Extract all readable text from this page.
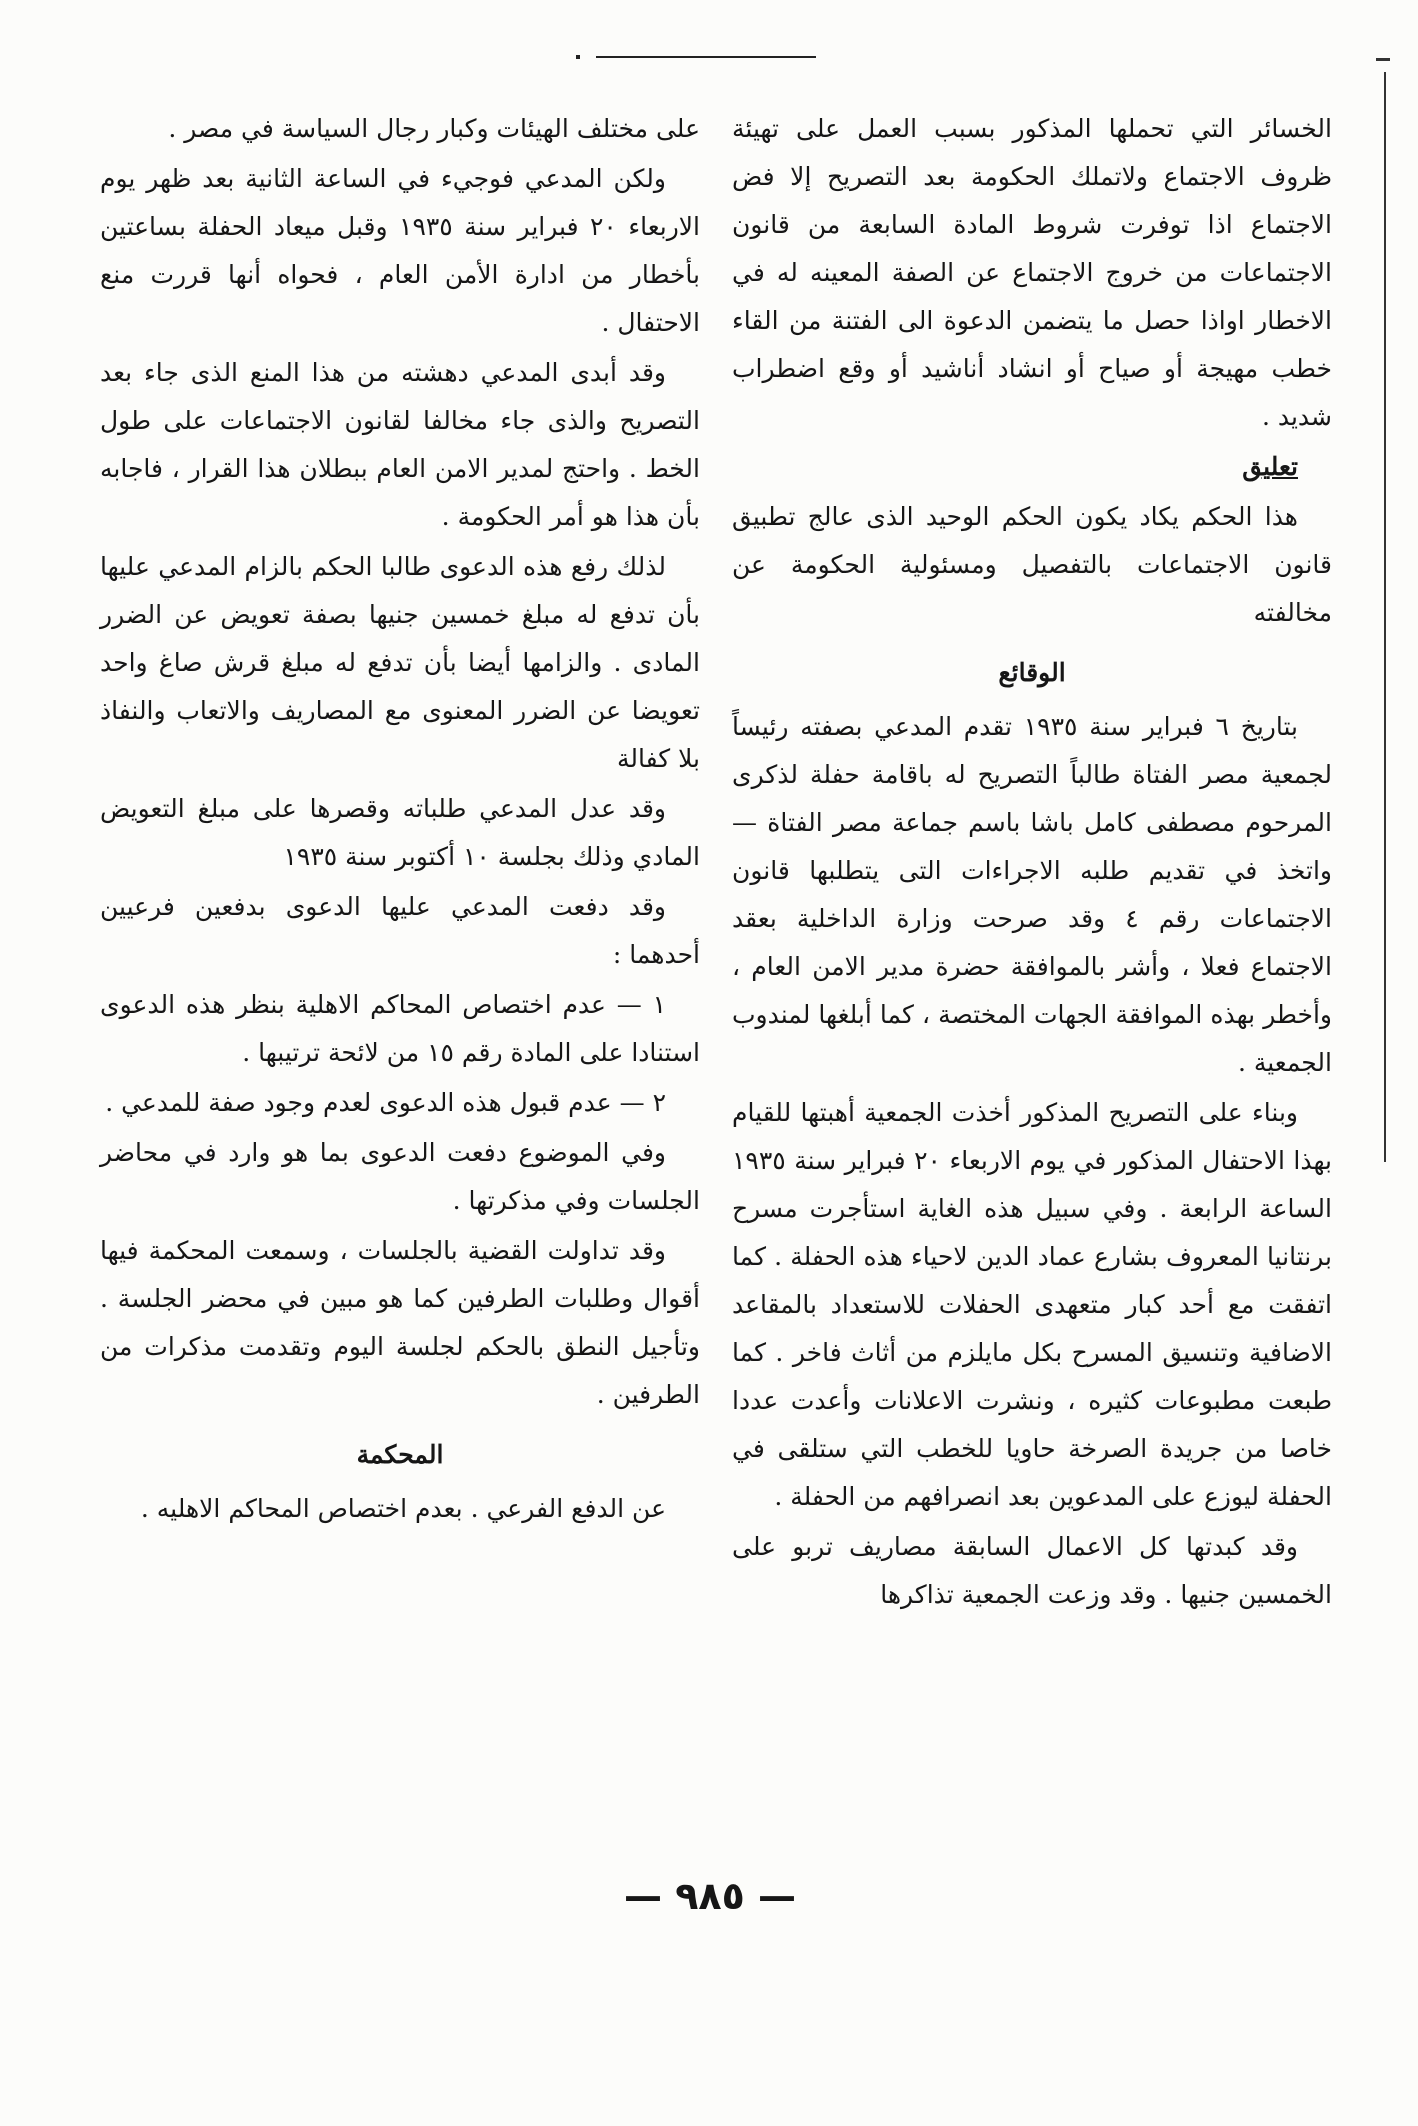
الخسائر التي تحملها المذكور بسبب العمل على تهيئة ظروف الاجتماع ولاتملك الحكومة بعد التصريح إلا فض الاجتماع اذا توفرت شروط المادة السابعة من قانون الاجتماعات من خروج الاجتماع عن الصفة المعينه له في الاخطار اواذا حصل ما يتضمن الدعوة الى الفتنة من القاء خطب مهيجة أو صياح أو انشاد أناشيد أو وقع اضطراب شديد .

تعليق

هذا الحكم يكاد يكون الحكم الوحيد الذى عالج تطبيق قانون الاجتماعات بالتفصيل ومسئولية الحكومة عن مخالفته

الوقائع

بتاريخ ٦ فبراير سنة ١٩٣٥ تقدم المدعي بصفته رئيساً لجمعية مصر الفتاة طالباً التصريح له باقامة حفلة لذكرى المرحوم مصطفى كامل باشا باسم جماعة مصر الفتاة — واتخذ في تقديم طلبه الاجراءات التى يتطلبها قانون الاجتماعات رقم ٤ وقد صرحت وزارة الداخلية بعقد الاجتماع فعلا ، وأشر بالموافقة حضرة مدير الامن العام ، وأخطر بهذه الموافقة الجهات المختصة ، كما أبلغها لمندوب الجمعية .

وبناء على التصريح المذكور أخذت الجمعية أهبتها للقيام بهذا الاحتفال المذكور في يوم الاربعاء ٢٠ فبراير سنة ١٩٣٥ الساعة الرابعة . وفي سبيل هذه الغاية استأجرت مسرح برنتانيا المعروف بشارع عماد الدين لاحياء هذه الحفلة . كما اتفقت مع أحد كبار متعهدى الحفلات للاستعداد بالمقاعد الاضافية وتنسيق المسرح بكل مايلزم من أثاث فاخر . كما طبعت مطبوعات كثيره ، ونشرت الاعلانات وأعدت عددا خاصا من جريدة الصرخة حاويا للخطب التي ستلقى في الحفلة ليوزع على المدعوين بعد انصرافهم من الحفلة .

وقد كبدتها كل الاعمال السابقة مصاريف تربو على الخمسين جنيها . وقد وزعت الجمعية تذاكرها

على مختلف الهيئات وكبار رجال السياسة في مصر .

ولكن المدعي فوجيء في الساعة الثانية بعد ظهر يوم الاربعاء ٢٠ فبراير سنة ١٩٣٥ وقبل ميعاد الحفلة بساعتين بأخطار من ادارة الأمن العام ، فحواه أنها قررت منع الاحتفال .

وقد أبدى المدعي دهشته من هذا المنع الذى جاء بعد التصريح والذى جاء مخالفا لقانون الاجتماعات على طول الخط . واحتج لمدير الامن العام ببطلان هذا القرار ، فاجابه بأن هذا هو أمر الحكومة .

لذلك رفع هذه الدعوى طالبا الحكم بالزام المدعي عليها بأن تدفع له مبلغ خمسين جنيها بصفة تعويض عن الضرر المادى . والزامها أيضا بأن تدفع له مبلغ قرش صاغ واحد تعويضا عن الضرر المعنوى مع المصاريف والاتعاب والنفاذ بلا كفالة

وقد عدل المدعي طلباته وقصرها على مبلغ التعويض المادي وذلك بجلسة ١٠ أكتوبر سنة ١٩٣٥

وقد دفعت المدعي عليها الدعوى بدفعين فرعيين أحدهما :

١ — عدم اختصاص المحاكم الاهلية بنظر هذه الدعوى استنادا على المادة رقم ١٥ من لائحة ترتيبها .

٢ — عدم قبول هذه الدعوى لعدم وجود صفة للمدعي .

وفي الموضوع دفعت الدعوى بما هو وارد في محاضر الجلسات وفي مذكرتها .

وقد تداولت القضية بالجلسات ، وسمعت المحكمة فيها أقوال وطلبات الطرفين كما هو مبين في محضر الجلسة . وتأجيل النطق بالحكم لجلسة اليوم وتقدمت مذكرات من الطرفين .

المحكمة

عن الدفع الفرعي . بعدم اختصاص المحاكم الاهليه .

— ٩٨٥ —
